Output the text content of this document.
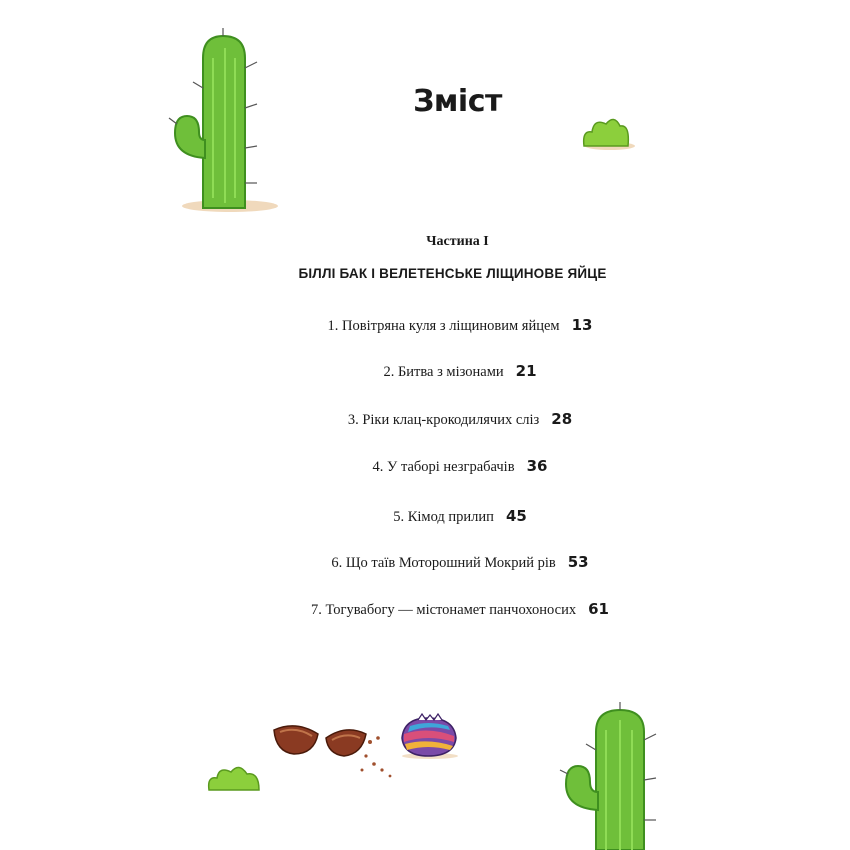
Зміст
Частина I
БІЛЛІ БАК І ВЕЛЕТЕНСЬКЕ ЛІЩИНОВЕ ЯЙЦЕ
1. Повітряна куля з ліщиновим яйцем 13
2. Битва з мізонами 21
3. Ріки клац-крокодилячих сліз 28
4. У таборі незграбачів 36
5. Кімод прилип 45
6. Що таїв Моторошний Мокрий рів 53
7. Тогувабогу — містонамет панчохоносих 61
